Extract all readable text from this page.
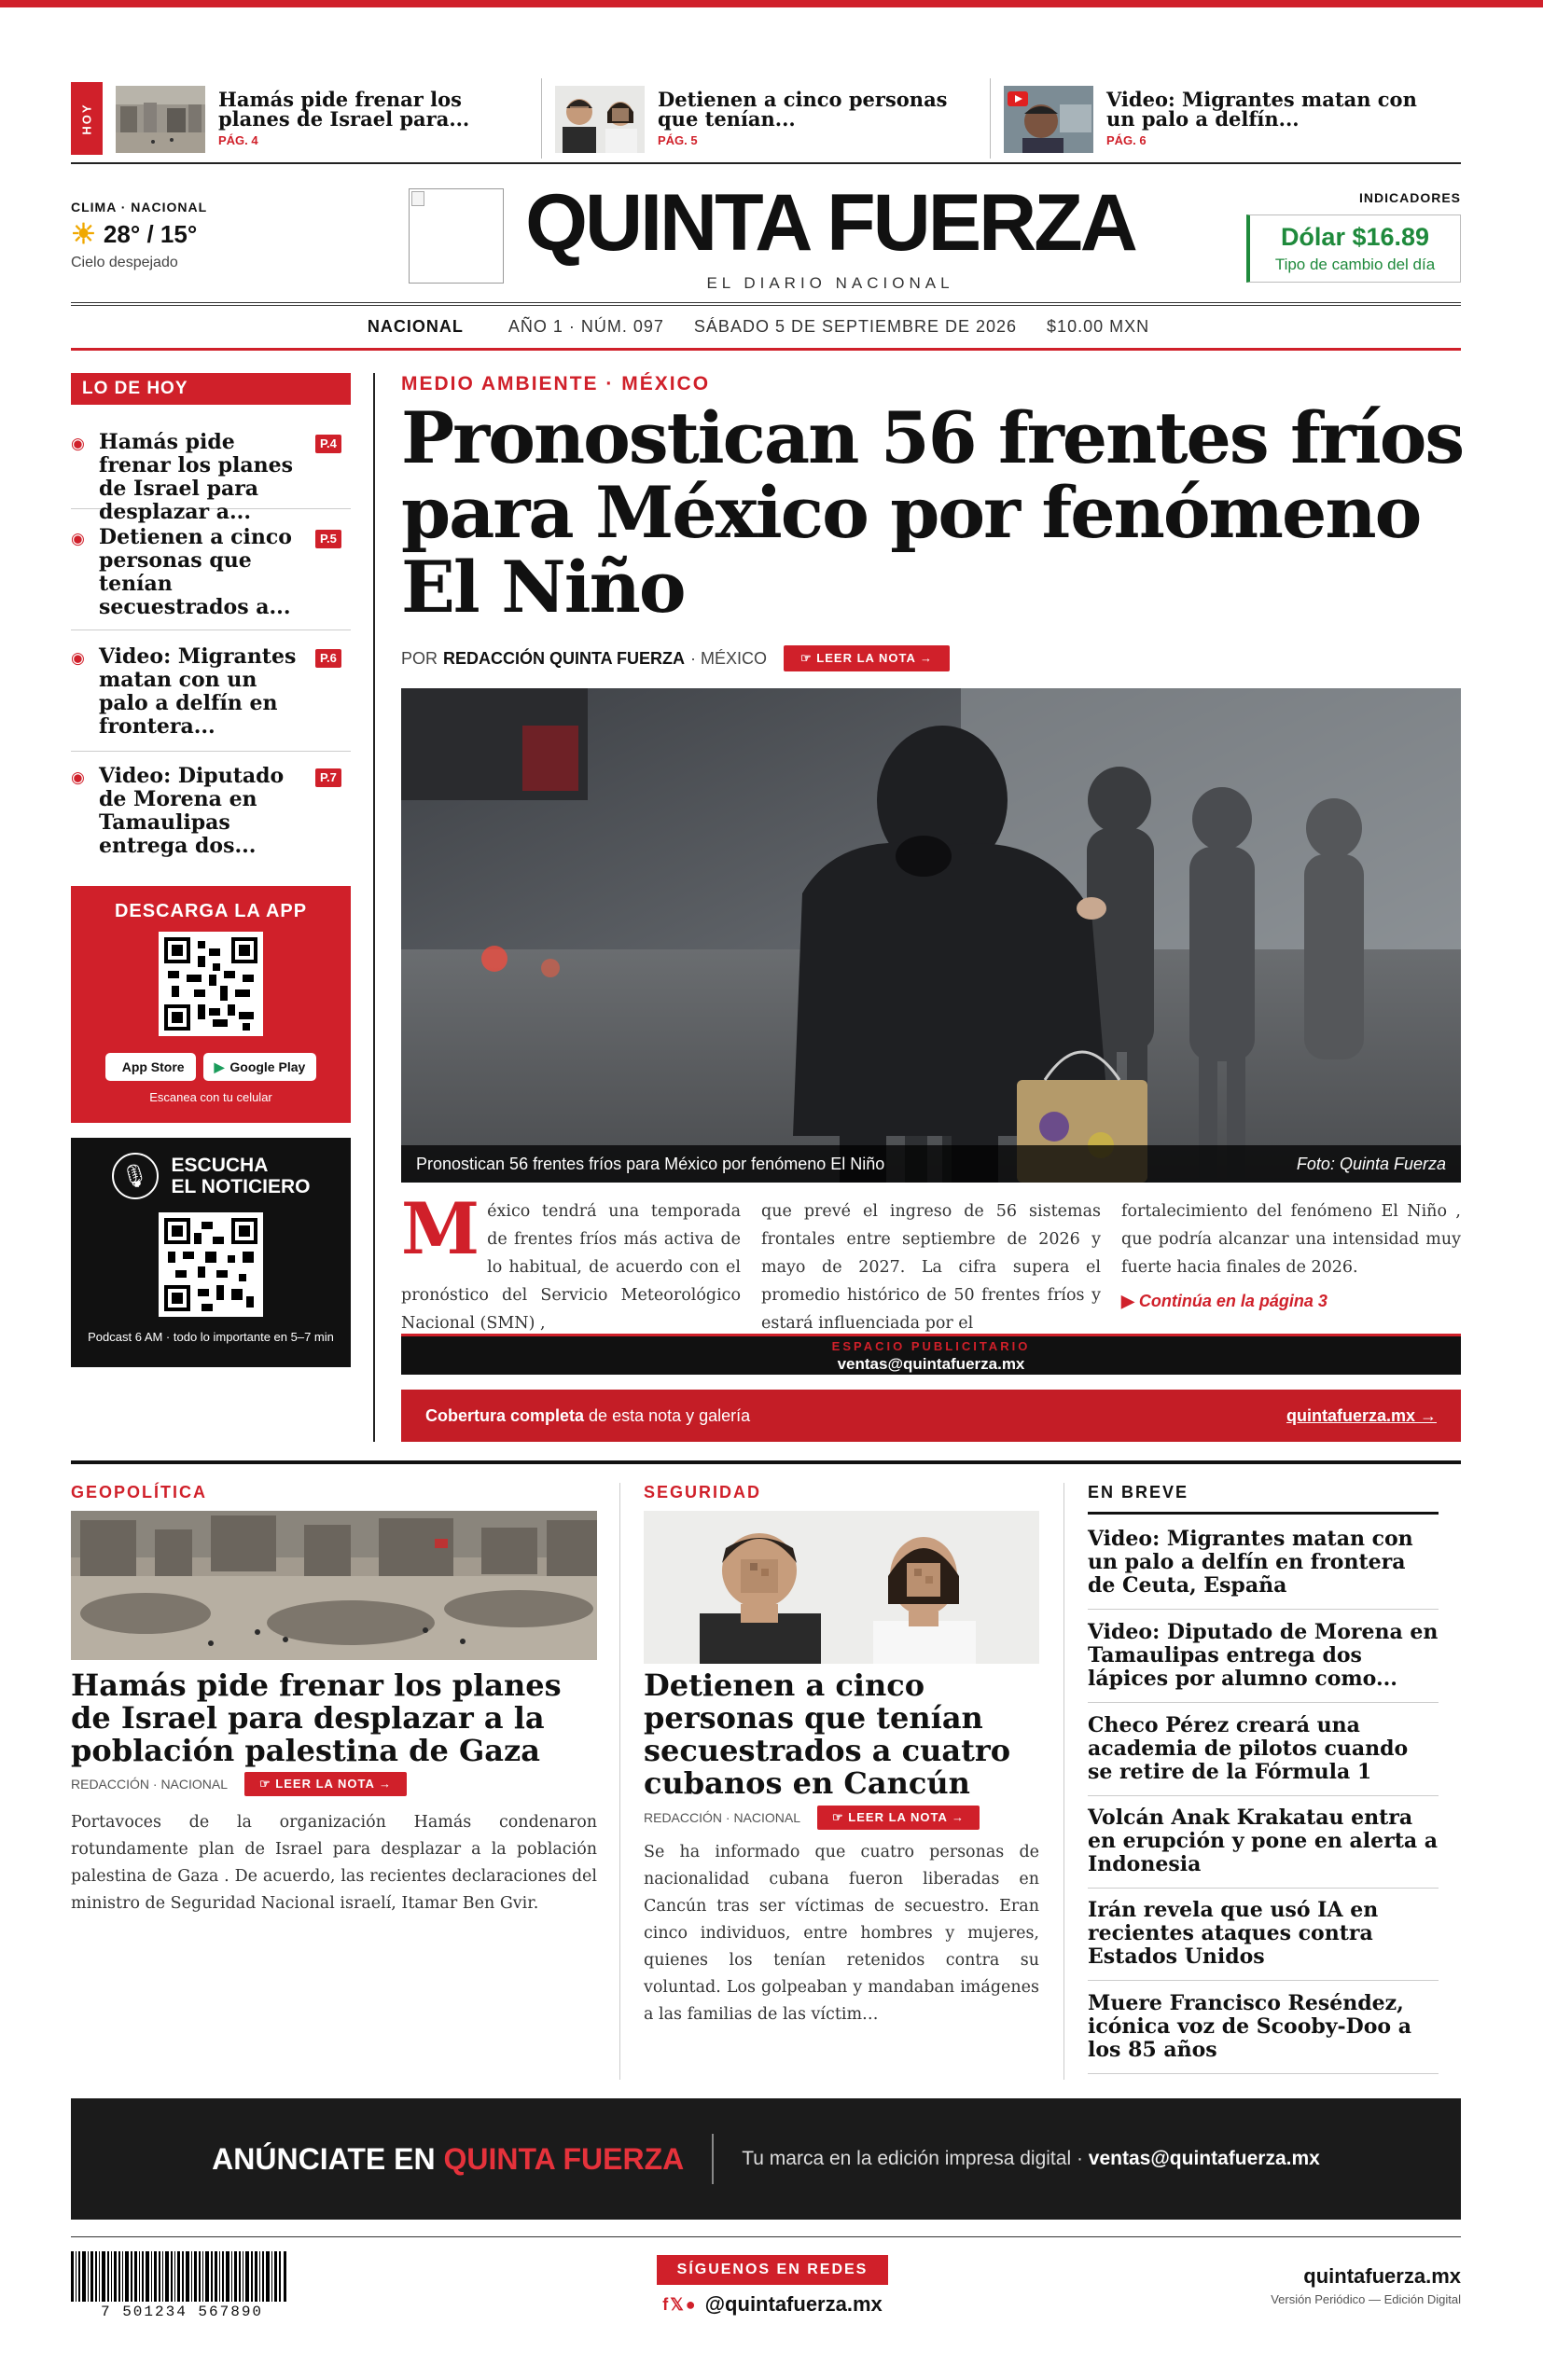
HOY
Hamás pide frenar los planes de Israel para...
PÁG. 4
Detienen a cinco personas que tenían...
PÁG. 5
Video: Migrantes matan con un palo a delfín...
PÁG. 6
CLIMA · NACIONAL
☀ 28° / 15°
Cielo despejado	QUINTA FUERZA
EL DIARIO NACIONAL
INDICADORES
Dólar $16.89
Tipo de cambio del día
NACIONAL	AÑO 1 · NÚM. 097 SÁBADO 5 DE SEPTIEMBRE DE 2026 $10.00 MXN
LO DE HOY
◉ Hamás pide frenar los planes de Israel para desplazar a...
P.4
◉ Detienen a cinco personas que tenían secuestrados a...
P.5
◉ Video: Migrantes matan con un palo a delfín en frontera...
P.6
◉ Video: Diputado de Morena en Tamaulipas entrega dos...
P.7
DESCARGA LA APP
App Store ▶ Google Play
Escanea con tu celular
🎙	ESCUCHA
EL NOTICIERO
Podcast 6 AM · todo lo importante en 5–7 min
MEDIO AMBIENTE · MÉXICO
Pronostican 56 frentes fríos para México por fenómeno El Niño
POR REDACCIÓN QUINTA FUERZA · MÉXICO	☞ LEER LA NOTA →
Pronostican 56 frentes fríos para México por fenómeno El Niño	Foto: Quinta Fuerza
México tendrá una temporada de frentes fríos más activa de lo habitual, de acuerdo con el pronóstico del Servicio Meteorológico Nacional (SMN) ,
que prevé el ingreso de 56 sistemas frontales entre septiembre de 2026 y mayo de 2027. La cifra supera el promedio histórico de 50 frentes fríos y estará influenciada por el
fortalecimiento del fenómeno El Niño , que podría alcanzar una intensidad muy fuerte hacia finales de 2026.
▶ Continúa en la página 3
ESPACIO PUBLICITARIO
ventas@quintafuerza.mx
Cobertura completa de esta nota y galería	quintafuerza.mx →
GEOPOLÍTICA
Hamás pide frenar los planes de Israel para desplazar a la población palestina de Gaza
REDACCIÓN · NACIONAL	☞ LEER LA NOTA →
Portavoces de la organización Hamás condenaron rotundamente plan de Israel para desplazar a la población palestina de Gaza . De acuerdo, las recientes declaraciones del ministro de Seguridad Nacional israelí, Itamar Ben Gvir.
SEGURIDAD
Detienen a cinco personas que tenían secuestrados a cuatro cubanos en Cancún
REDACCIÓN · NACIONAL	☞ LEER LA NOTA →
Se ha informado que cuatro personas de nacionalidad cubana fueron liberadas en Cancún tras ser víctimas de secuestro. Eran cinco individuos, entre hombres y mujeres, quienes los tenían retenidos contra su voluntad. Los golpeaban y mandaban imágenes a las familias de las víctim…
EN BREVE
Video: Migrantes matan con un palo a delfín en frontera de Ceuta, España
Video: Diputado de Morena en Tamaulipas entrega dos lápices por alumno como...
Checo Pérez creará una academia de pilotos cuando se retire de la Fórmula 1
Volcán Anak Krakatau entra en erupción y pone en alerta a Indonesia
Irán revela que usó IA en recientes ataques contra Estados Unidos
Muere Francisco Reséndez, icónica voz de Scooby-Doo a los 85 años
ANÚNCIATE EN QUINTA FUERZA	Tu marca en la edición impresa digital · ventas@quintafuerza.mx
7 501234 567890
SÍGUENOS EN REDES
f𝕏● @quintafuerza.mx
quintafuerza.mx
Versión Periódico — Edición Digital
